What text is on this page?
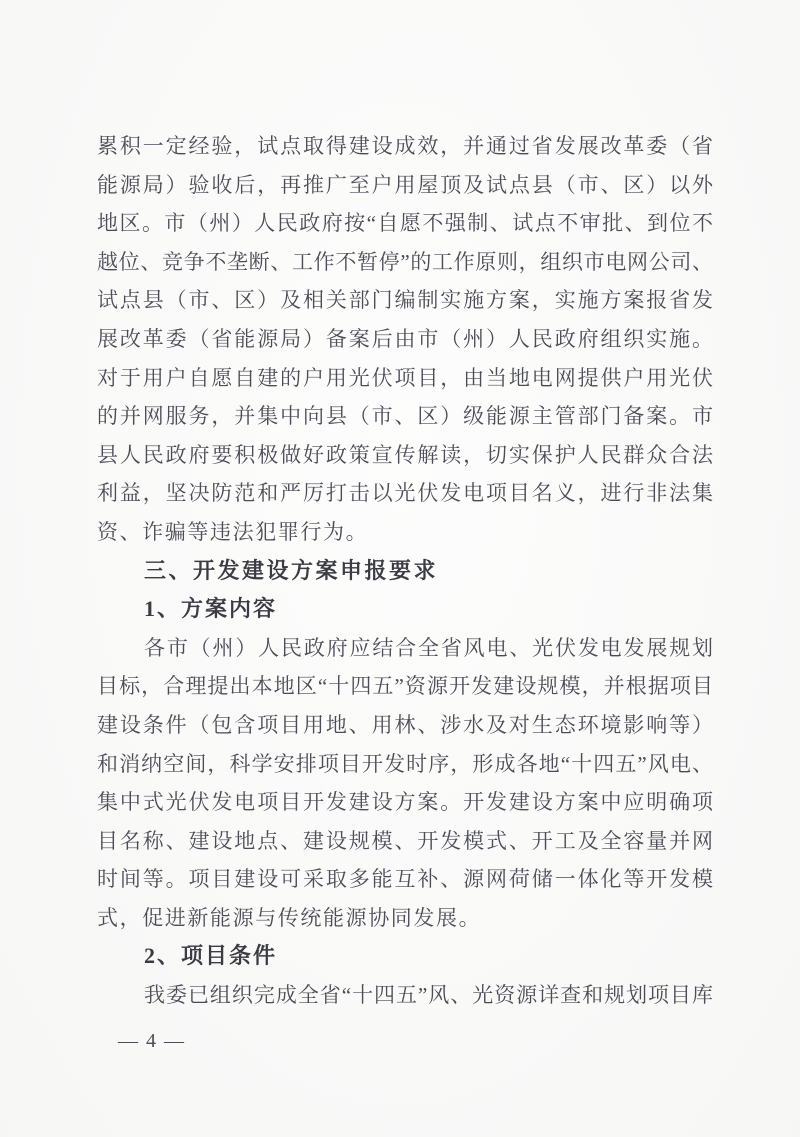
累积一定经验，试点取得建设成效，并通过省发展改革委（省
能源局）验收后，再推广至户用屋顶及试点县（市、区）以外
地区。市（州）人民政府按“自愿不强制、试点不审批、到位不
越位、竞争不垄断、工作不暂停”的工作原则，组织市电网公司、
试点县（市、区）及相关部门编制实施方案，实施方案报省发
展改革委（省能源局）备案后由市（州）人民政府组织实施。
对于用户自愿自建的户用光伏项目，由当地电网提供户用光伏
的并网服务，并集中向县（市、区）级能源主管部门备案。市
县人民政府要积极做好政策宣传解读，切实保护人民群众合法
利益，坚决防范和严厉打击以光伏发电项目名义，进行非法集
资、诈骗等违法犯罪行为。
三、开发建设方案申报要求
1、方案内容
各市（州）人民政府应结合全省风电、光伏发电发展规划
目标，合理提出本地区“十四五”资源开发建设规模，并根据项目
建设条件（包含项目用地、用林、涉水及对生态环境影响等）
和消纳空间，科学安排项目开发时序，形成各地“十四五”风电、
集中式光伏发电项目开发建设方案。开发建设方案中应明确项
目名称、建设地点、建设规模、开发模式、开工及全容量并网
时间等。项目建设可采取多能互补、源网荷储一体化等开发模
式，促进新能源与传统能源协同发展。
2、项目条件
我委已组织完成全省“十四五”风、光资源详查和规划项目库
— 4 —
